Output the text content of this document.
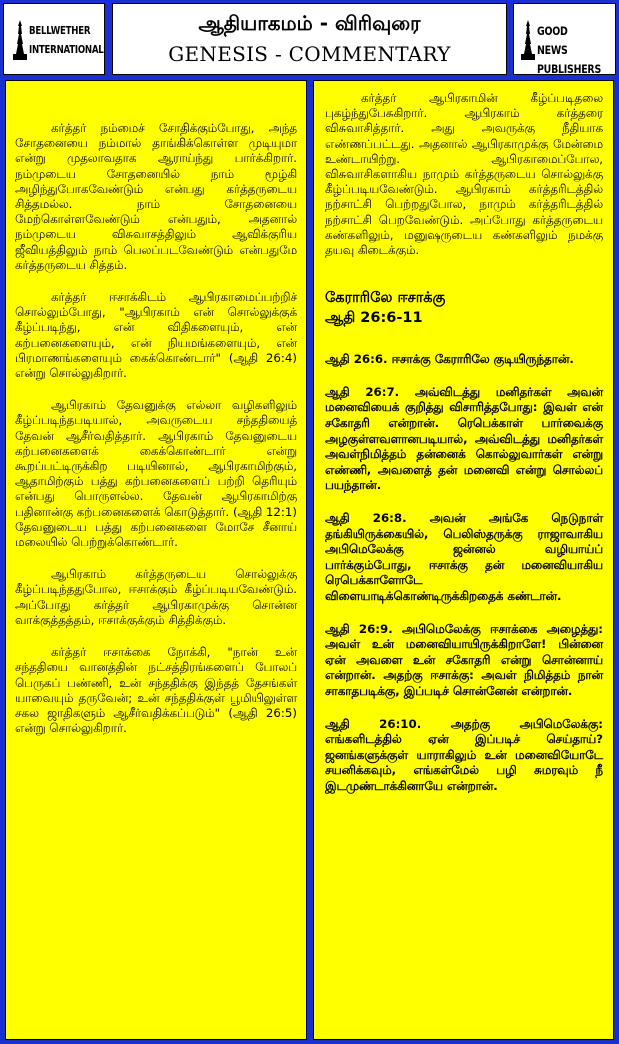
BELLWETHER
INTERNATIONAL
ஆதியாகமம் - விரிவுரை
GENESIS - COMMENTARY
GOOD NEWS
PUBLISHERS

கர்த்தர் நம்மைச் சோதிக்கும்போது, அந்த சோதனையை நம்மால் தாங்கிக்கொள்ள முடியுமா என்று முதலாவதாக ஆராய்ந்து பார்க்கிறார். நம்முடைய சோதனையில் நாம் மூழ்கி அழிந்துபோகவேண்டும் என்பது கர்த்தருடைய சித்தமல்ல. நாம் சோதனையை மேற்கொள்ளவேண்டும் என்பதும், அதனால் நம்முடைய விசுவாசத்திலும் ஆவிக்குரிய ஜீவியத்திலும் நாம் பெலப்படவேண்டும் என்பதுமே கர்த்தருடைய சித்தம்.

கர்த்தர் ஈசாக்கிடம் ஆபிரகாமைப்பற்றிச் சொல்லும்போது, "ஆபிரகாம் என் சொல்லுக்குக் கீழ்ப்படிந்து, என் விதிகளையும், என் கற்பனைகளையும், என் நியமங்களையும், என் பிரமாணங்களையும் கைக்கொண்டார்" (ஆதி 26:4) என்று சொல்லுகிறார்.

ஆபிரகாம் தேவனுக்கு எல்லா வழிகளிலும் கீழ்ப்படிந்தபடியால், அவருடைய சந்ததியைத் தேவன் ஆசீர்வதித்தார். ஆபிரகாம் தேவனுடைய கற்பனைகளைக் கைக்கொண்டார் என்று கூறப்பட்டிருக்கிற படியினால், ஆபிரகாமிற்கும், ஆதாமிற்கும் பத்து கற்பனைகளைப் பற்றி தெரியும் என்பது பொருளல்ல. தேவன் ஆபிரகாமிற்கு பதினான்கு கற்பனைகளைக் கொடுத்தார். (ஆதி 12:1) தேவனுடைய பத்து கற்பனைகளை மோசே சீனாய் மலையில் பெற்றுக்கொண்டார்.

ஆபிரகாம் கர்த்தருடைய சொல்லுக்கு கீழ்ப்படிந்ததுபோல, ஈசாக்கும் கீழ்ப்படியவேண்டும். அப்போது கர்த்தர் ஆபிரகாமுக்கு சொன்ன வாக்குத்தத்தம், ஈசாக்குக்கும் சித்திக்கும்.

கர்த்தர் ஈசாக்கை நோக்கி, "நான் உன் சந்ததியை வானத்தின் நட்சத்திரங்களைப் போலப் பெருகப் பண்ணி, உன் சந்ததிக்கு இந்தத் தேசங்கள் யாவையும் தருவேன்; உன் சந்ததிக்குள் பூமியிலுள்ள சகல ஜாதிகளும் ஆசீர்வதிக்கப்படும்" (ஆதி 26:5) என்று சொல்லுகிறார்.

கர்த்தர் ஆபிரகாமின் கீழ்ப்படிதலை புகழ்ந்துபேசுகிறார். ஆபிரகாம் கர்த்தரை விசுவாசித்தார். அது அவருக்கு நீதியாக எண்ணப்பட்டது. அதனால் ஆபிரகாமுக்கு மேன்மை உண்டாயிற்று. ஆபிரகாமைப்போல, விசுவாசிகளாகிய நாமும் கர்த்தருடைய சொல்லுக்கு கீழ்ப்படியவேண்டும். ஆபிரகாம் கர்த்தரிடத்தில் நற்சாட்சி பெற்றதுபோல, நாமும் கர்த்தரிடத்தில் நற்சாட்சி பெறவேண்டும். அப்போது கர்த்தருடைய கண்களிலும், மனுஷருடைய கண்களிலும் நமக்கு தயவு கிடைக்கும்.

கேராரிலே ஈசாக்கு
ஆதி 26:6-11

ஆதி 26:6. ஈசாக்கு கேராரிலே குடியிருந்தான்.

ஆதி 26:7. அவ்விடத்து மனிதர்கள் அவன் மனைவியைக் குறித்து விசாரித்தபோது: இவள் என் சகோதரி என்றான். ரெபெக்காள் பார்வைக்கு அழகுள்ளவளானபடியால், அவ்விடத்து மனிதர்கள் அவள்நிமித்தம் தன்னைக் கொல்லுவார்கள் என்று எண்ணி, அவளைத் தன் மனைவி என்று சொல்லப் பயந்தான்.

ஆதி 26:8. அவன் அங்கே நெடுநாள் தங்கியிருக்கையில், பெலிஸ்தருக்கு ராஜாவாகிய அபிமெலேக்கு ஜன்னல் வழியாய்ப் பார்க்கும்போது, ஈசாக்கு தன் மனைவியாகிய ரெபெக்காளோடே விளையாடிக்கொண்டிருக்கிறதைக் கண்டான்.

ஆதி 26:9. அபிமெலேக்கு ஈசாக்கை அழைத்து: அவள் உன் மனைவியாயிருக்கிறாளே! பின்னை ஏன் அவளை உன் சகோதரி என்று சொன்னாய் என்றான். அதற்கு ஈசாக்கு: அவள் நிமித்தம் நான் சாகாதபடிக்கு, இப்படிச் சொன்னேன் என்றான்.

ஆதி 26:10. அதற்கு அபிமெலேக்கு: எங்களிடத்தில் ஏன் இப்படிச் செய்தாய்? ஜனங்களுக்குள் யாராகிலும் உன் மனைவியோடே சயனிக்கவும், எங்கள்மேல் பழி சுமரவும் நீ இடமுண்டாக்கினாயே என்றான்.
